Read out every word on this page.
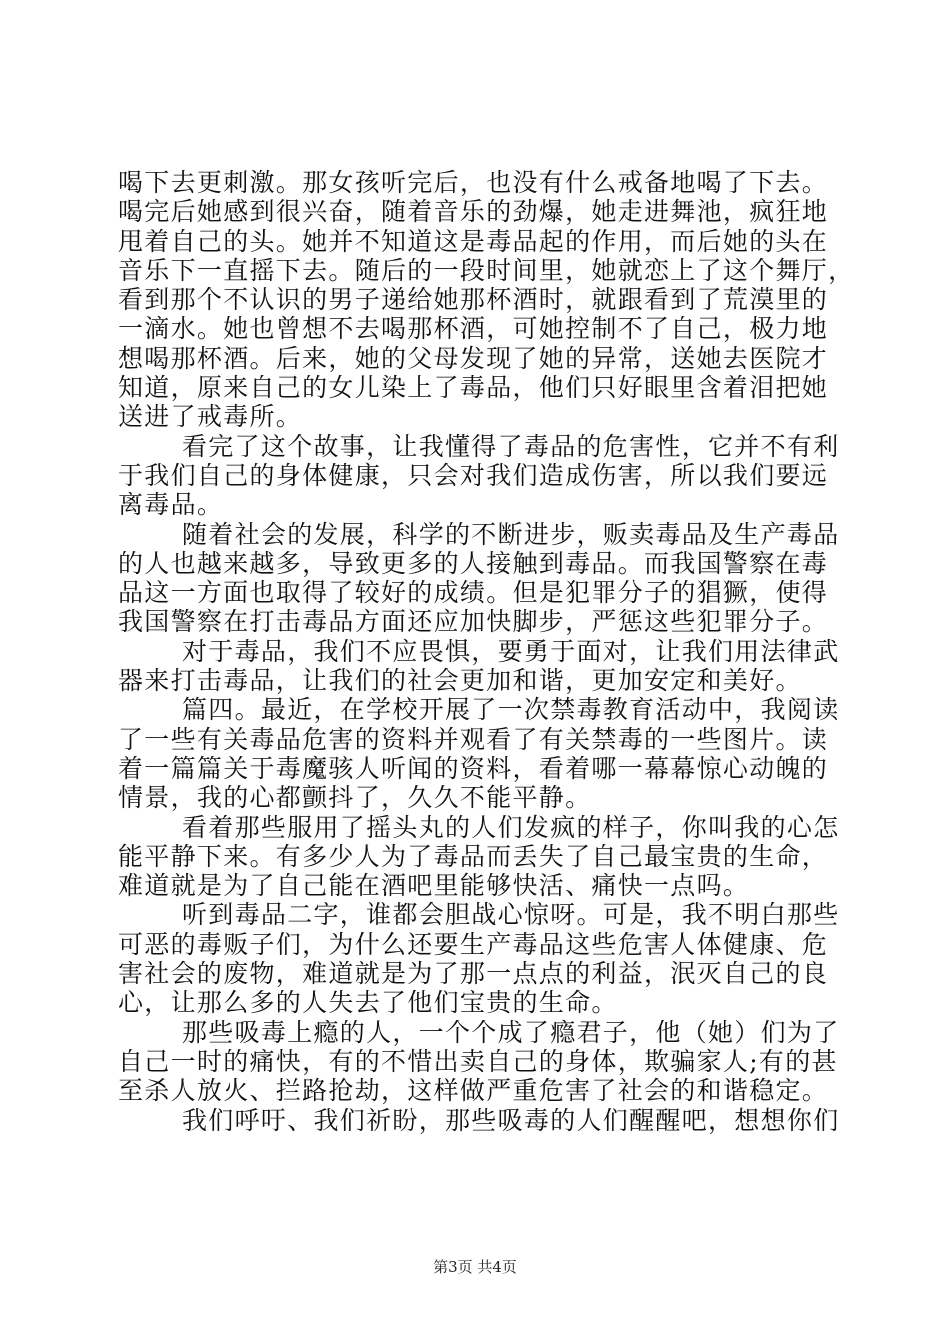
喝下去更刺激。那女孩听完后，也没有什么戒备地喝了下去。
喝完后她感到很兴奋，随着音乐的劲爆，她走进舞池，疯狂地
甩着自己的头。她并不知道这是毒品起的作用，而后她的头在
音乐下一直摇下去。随后的一段时间里，她就恋上了这个舞厅，
看到那个不认识的男子递给她那杯酒时，就跟看到了荒漠里的
一滴水。她也曾想不去喝那杯酒，可她控制不了自己，极力地
想喝那杯酒。后来，她的父母发现了她的异常，送她去医院才
知道，原来自己的女儿染上了毒品，他们只好眼里含着泪把她
送进了戒毒所。
看完了这个故事，让我懂得了毒品的危害性，它并不有利
于我们自己的身体健康，只会对我们造成伤害，所以我们要远
离毒品。
随着社会的发展，科学的不断进步，贩卖毒品及生产毒品
的人也越来越多，导致更多的人接触到毒品。而我国警察在毒
品这一方面也取得了较好的成绩。但是犯罪分子的猖獗，使得
我国警察在打击毒品方面还应加快脚步，严惩这些犯罪分子。
对于毒品，我们不应畏惧，要勇于面对，让我们用法律武
器来打击毒品，让我们的社会更加和谐，更加安定和美好。
篇四。最近，在学校开展了一次禁毒教育活动中，我阅读
了一些有关毒品危害的资料并观看了有关禁毒的一些图片。读
着一篇篇关于毒魔骇人听闻的资料，看着哪一幕幕惊心动魄的
情景，我的心都颤抖了，久久不能平静。
看着那些服用了摇头丸的人们发疯的样子，你叫我的心怎
能平静下来。有多少人为了毒品而丢失了自己最宝贵的生命，
难道就是为了自己能在酒吧里能够快活、痛快一点吗。
听到毒品二字，谁都会胆战心惊呀。可是，我不明白那些
可恶的毒贩子们，为什么还要生产毒品这些危害人体健康、危
害社会的废物，难道就是为了那一点点的利益，泯灭自己的良
心，让那么多的人失去了他们宝贵的生命。
那些吸毒上瘾的人，一个个成了瘾君子，他（她）们为了
自己一时的痛快，有的不惜出卖自己的身体，欺骗家人;有的甚
至杀人放火、拦路抢劫，这样做严重危害了社会的和谐稳定。
我们呼吁、我们祈盼，那些吸毒的人们醒醒吧，想想你们
第3页 共4页
